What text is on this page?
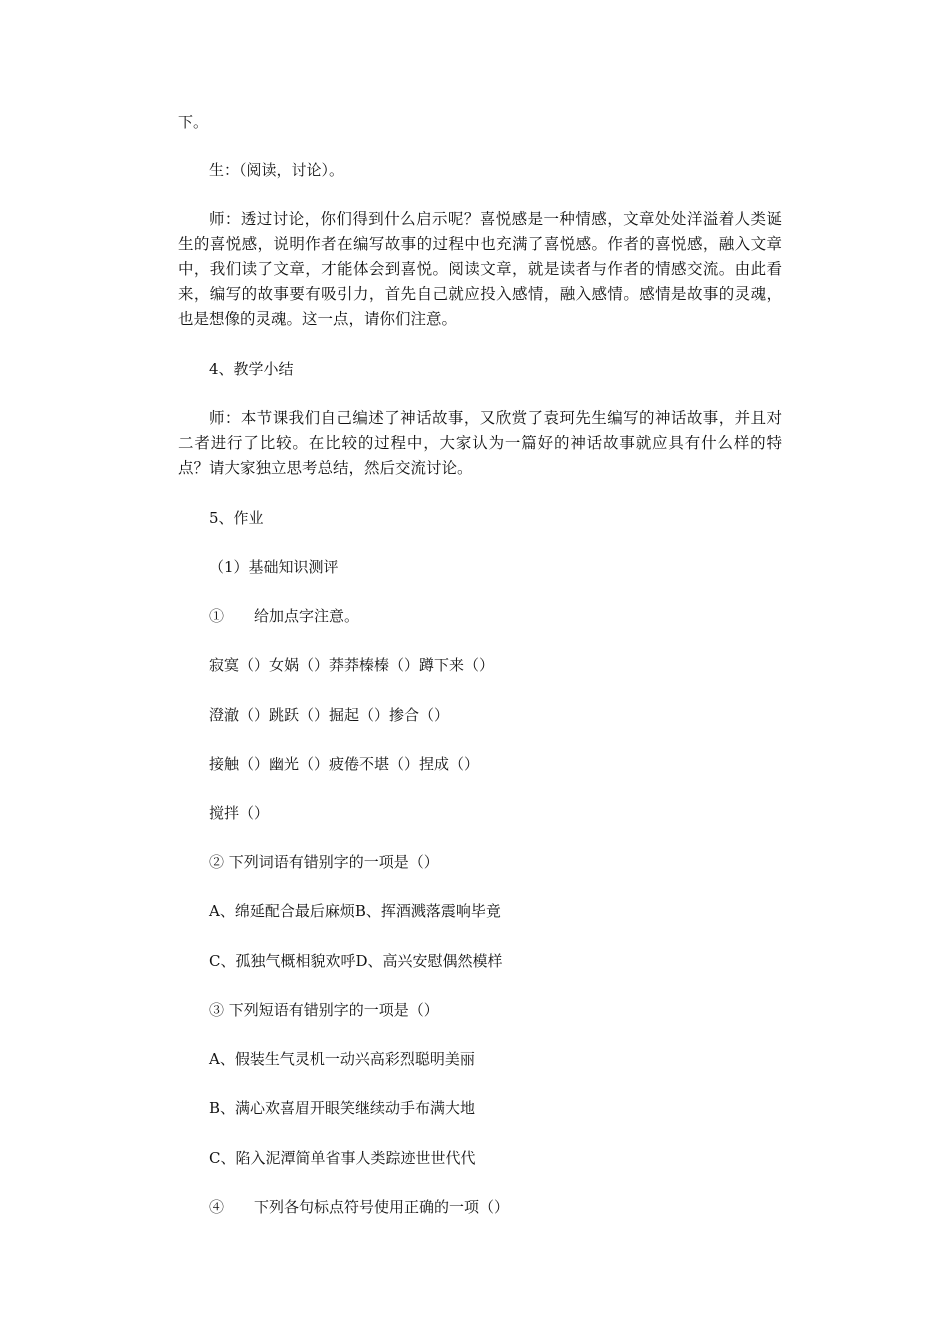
下。
生：（阅读，讨论）。
师：透过讨论，你们得到什么启示呢？喜悦感是一种情感，文章处处洋溢着人类诞生的喜悦感，说明作者在编写故事的过程中也充满了喜悦感。作者的喜悦感，融入文章中，我们读了文章，才能体会到喜悦。阅读文章，就是读者与作者的情感交流。由此看来，编写的故事要有吸引力，首先自己就应投入感情，融入感情。感情是故事的灵魂，也是想像的灵魂。这一点，请你们注意。
4、教学小结
师：本节课我们自己编述了神话故事，又欣赏了袁珂先生编写的神话故事，并且对二者进行了比较。在比较的过程中，大家认为一篇好的神话故事就应具有什么样的特点？请大家独立思考总结，然后交流讨论。
5、作业
（1）基础知识测评
①　　给加点字注意。
寂寞（）女娲（）莽莽榛榛（）蹲下来（）
澄澈（）跳跃（）掘起（）掺合（）
接触（）幽光（）疲倦不堪（）捏成（）
搅拌（）
② 下列词语有错别字的一项是（）
A、绵延配合最后麻烦B、挥酒溅落震响毕竟
C、孤独气概相貌欢呼D、高兴安慰偶然模样
③ 下列短语有错别字的一项是（）
A、假装生气灵机一动兴高彩烈聪明美丽
B、满心欢喜眉开眼笑继续动手布满大地
C、陷入泥潭简单省事人类踪迹世世代代
④　　下列各句标点符号使用正确的一项（）
